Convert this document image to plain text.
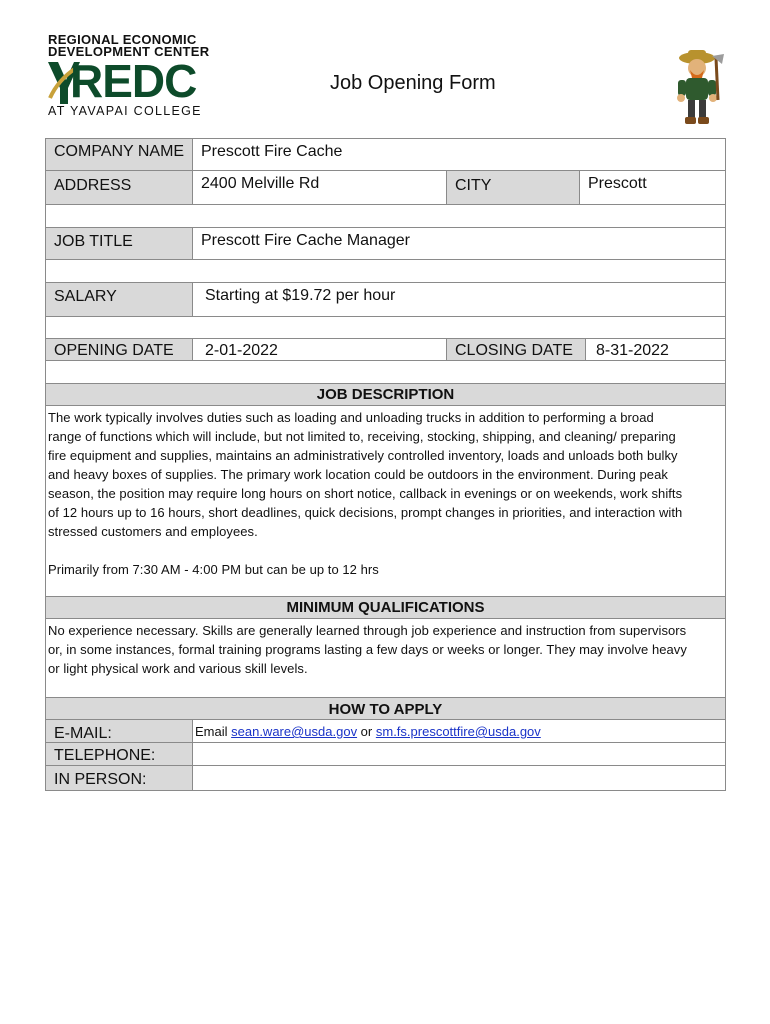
REGIONAL ECONOMIC
DEVELOPMENT CENTER
REDC
AT YAVAPAI COLLEGE
Job Opening Form
COMPANY NAME	Prescott Fire Cache
ADDRESS	2400 Melville Rd	CITY	Prescott
JOB TITLE	Prescott Fire Cache Manager
SALARY	Starting at $19.72 per hour
OPENING DATE	2-01-2022	CLOSING DATE	8-31-2022
JOB DESCRIPTION

The work typically involves duties such as loading and unloading trucks in addition to performing a broad

range of functions which will include, but not limited to, receiving, stocking, shipping, and cleaning/ preparing

fire equipment and supplies, maintains an administratively controlled inventory, loads and unloads both bulky

and heavy boxes of supplies. The primary work location could be outdoors in the environment. During peak

season, the position may require long hours on short notice, callback in evenings or on weekends, work shifts

of 12 hours up to 16 hours, short deadlines, quick decisions, prompt changes in priorities, and interaction with

stressed customers and employees.

Primarily from 7:30 AM - 4:00 PM but can be up to 12 hrs

MINIMUM QUALIFICATIONS

No experience necessary. Skills are generally learned through job experience and instruction from supervisors

or, in some instances, formal training programs lasting a few days or weeks or longer. They may involve heavy

or light physical work and various skill levels.

HOW TO APPLY
E-MAIL:	Email sean.ware@usda.gov or sm.fs.prescottfire@usda.gov
TELEPHONE:
IN PERSON:
